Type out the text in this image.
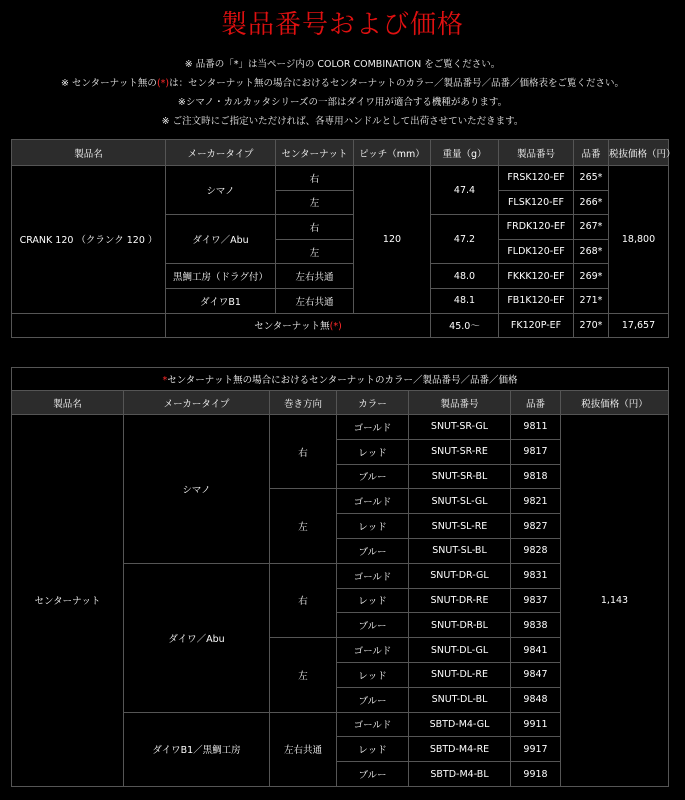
製品番号および価格
※ 品番の「*」は当ページ内の COLOR COMBINATION をご覧ください。
※ センターナット無の(*)は：センターナット無の場合におけるセンターナットのカラー／製品番号／品番／価格表をご覧ください。
※シマノ・カルカッタシリーズの一部はダイワ用が適合する機種があります。
※ ご注文時にご指定いただければ、各専用ハンドルとして出荷させていただきます。
製品名	メーカータイプ	センターナット	ピッチ（mm）	重量（g）	製品番号	品番	税抜価格（円）
CRANK 120 （クランク 120 ）	シマノ	右	120	47.4	FRSK120-EF	265*	18,800
		左			FLSK120-EF	266*	
	ダイワ／Abu	右		47.2	FRDK120-EF	267*	
		左			FLDK120-EF	268*	
	黒鯛工房（ドラグ付）	左右共通		48.0	FKKK120-EF	269*	
	ダイワB1	左右共通		48.1	FB1K120-EF	271*	
	センターナット無(*)			45.0〜	FK120P-EF	270*	17,657
*センターナット無の場合におけるセンターナットのカラー／製品番号／品番／価格						
製品名	メーカータイプ	巻き方向	カラー	製品番号	品番	税抜価格（円）
センターナット	シマノ	右	ゴールド	SNUT-SR-GL	9811	1,143
			レッド	SNUT-SR-RE	9817	
			ブルー	SNUT-SR-BL	9818	
		左	ゴールド	SNUT-SL-GL	9821	
			レッド	SNUT-SL-RE	9827	
			ブルー	SNUT-SL-BL	9828	
	ダイワ／Abu	右	ゴールド	SNUT-DR-GL	9831	
			レッド	SNUT-DR-RE	9837	
			ブルー	SNUT-DR-BL	9838	
		左	ゴールド	SNUT-DL-GL	9841	
			レッド	SNUT-DL-RE	9847	
			ブルー	SNUT-DL-BL	9848	
	ダイワB1／黒鯛工房	左右共通	ゴールド	SBTD-M4-GL	9911	
			レッド	SBTD-M4-RE	9917	
			ブルー	SBTD-M4-BL	9918	
